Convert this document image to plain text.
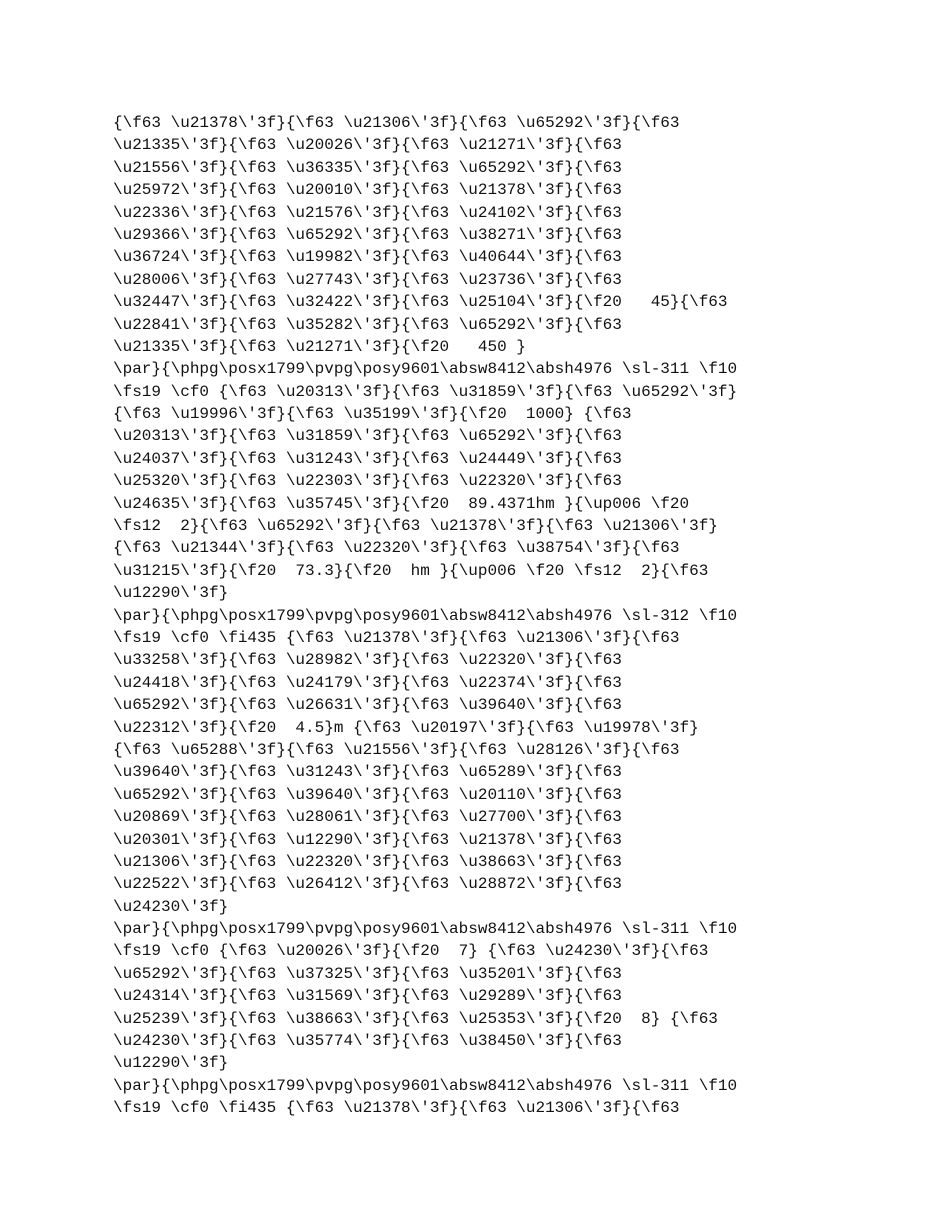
{\f63 \u21378\'3f}{\f63 \u21306\'3f}{\f63 \u65292\'3f}{\f63
\u21335\'3f}{\f63 \u20026\'3f}{\f63 \u21271\'3f}{\f63
\u21556\'3f}{\f63 \u36335\'3f}{\f63 \u65292\'3f}{\f63
\u25972\'3f}{\f63 \u20010\'3f}{\f63 \u21378\'3f}{\f63
\u22336\'3f}{\f63 \u21576\'3f}{\f63 \u24102\'3f}{\f63
\u29366\'3f}{\f63 \u65292\'3f}{\f63 \u38271\'3f}{\f63
\u36724\'3f}{\f63 \u19982\'3f}{\f63 \u40644\'3f}{\f63
\u28006\'3f}{\f63 \u27743\'3f}{\f63 \u23736\'3f}{\f63
\u32447\'3f}{\f63 \u32422\'3f}{\f63 \u25104\'3f}{\f20   45}{\f63
\u22841\'3f}{\f63 \u35282\'3f}{\f63 \u65292\'3f}{\f63
\u21335\'3f}{\f63 \u21271\'3f}{\f20   450 }
\par}{\phpg\posx1799\pvpg\posy9601\absw8412\absh4976 \sl-311 \f10
\fs19 \cf0 {\f63 \u20313\'3f}{\f63 \u31859\'3f}{\f63 \u65292\'3f}
{\f63 \u19996\'3f}{\f63 \u35199\'3f}{\f20  1000} {\f63
\u20313\'3f}{\f63 \u31859\'3f}{\f63 \u65292\'3f}{\f63
\u24037\'3f}{\f63 \u31243\'3f}{\f63 \u24449\'3f}{\f63
\u25320\'3f}{\f63 \u22303\'3f}{\f63 \u22320\'3f}{\f63
\u24635\'3f}{\f63 \u35745\'3f}{\f20  89.4371hm }{\up006 \f20
\fs12  2}{\f63 \u65292\'3f}{\f63 \u21378\'3f}{\f63 \u21306\'3f}
{\f63 \u21344\'3f}{\f63 \u22320\'3f}{\f63 \u38754\'3f}{\f63
\u31215\'3f}{\f20  73.3}{\f20  hm }{\up006 \f20 \fs12  2}{\f63
\u12290\'3f}
\par}{\phpg\posx1799\pvpg\posy9601\absw8412\absh4976 \sl-312 \f10
\fs19 \cf0 \fi435 {\f63 \u21378\'3f}{\f63 \u21306\'3f}{\f63
\u33258\'3f}{\f63 \u28982\'3f}{\f63 \u22320\'3f}{\f63
\u24418\'3f}{\f63 \u24179\'3f}{\f63 \u22374\'3f}{\f63
\u65292\'3f}{\f63 \u26631\'3f}{\f63 \u39640\'3f}{\f63
\u22312\'3f}{\f20  4.5}m {\f63 \u20197\'3f}{\f63 \u19978\'3f}
{\f63 \u65288\'3f}{\f63 \u21556\'3f}{\f63 \u28126\'3f}{\f63
\u39640\'3f}{\f63 \u31243\'3f}{\f63 \u65289\'3f}{\f63
\u65292\'3f}{\f63 \u39640\'3f}{\f63 \u20110\'3f}{\f63
\u20869\'3f}{\f63 \u28061\'3f}{\f63 \u27700\'3f}{\f63
\u20301\'3f}{\f63 \u12290\'3f}{\f63 \u21378\'3f}{\f63
\u21306\'3f}{\f63 \u22320\'3f}{\f63 \u38663\'3f}{\f63
\u22522\'3f}{\f63 \u26412\'3f}{\f63 \u28872\'3f}{\f63
\u24230\'3f}
\par}{\phpg\posx1799\pvpg\posy9601\absw8412\absh4976 \sl-311 \f10
\fs19 \cf0 {\f63 \u20026\'3f}{\f20  7} {\f63 \u24230\'3f}{\f63
\u65292\'3f}{\f63 \u37325\'3f}{\f63 \u35201\'3f}{\f63
\u24314\'3f}{\f63 \u31569\'3f}{\f63 \u29289\'3f}{\f63
\u25239\'3f}{\f63 \u38663\'3f}{\f63 \u25353\'3f}{\f20  8} {\f63
\u24230\'3f}{\f63 \u35774\'3f}{\f63 \u38450\'3f}{\f63
\u12290\'3f}
\par}{\phpg\posx1799\pvpg\posy9601\absw8412\absh4976 \sl-311 \f10
\fs19 \cf0 \fi435 {\f63 \u21378\'3f}{\f63 \u21306\'3f}{\f63
